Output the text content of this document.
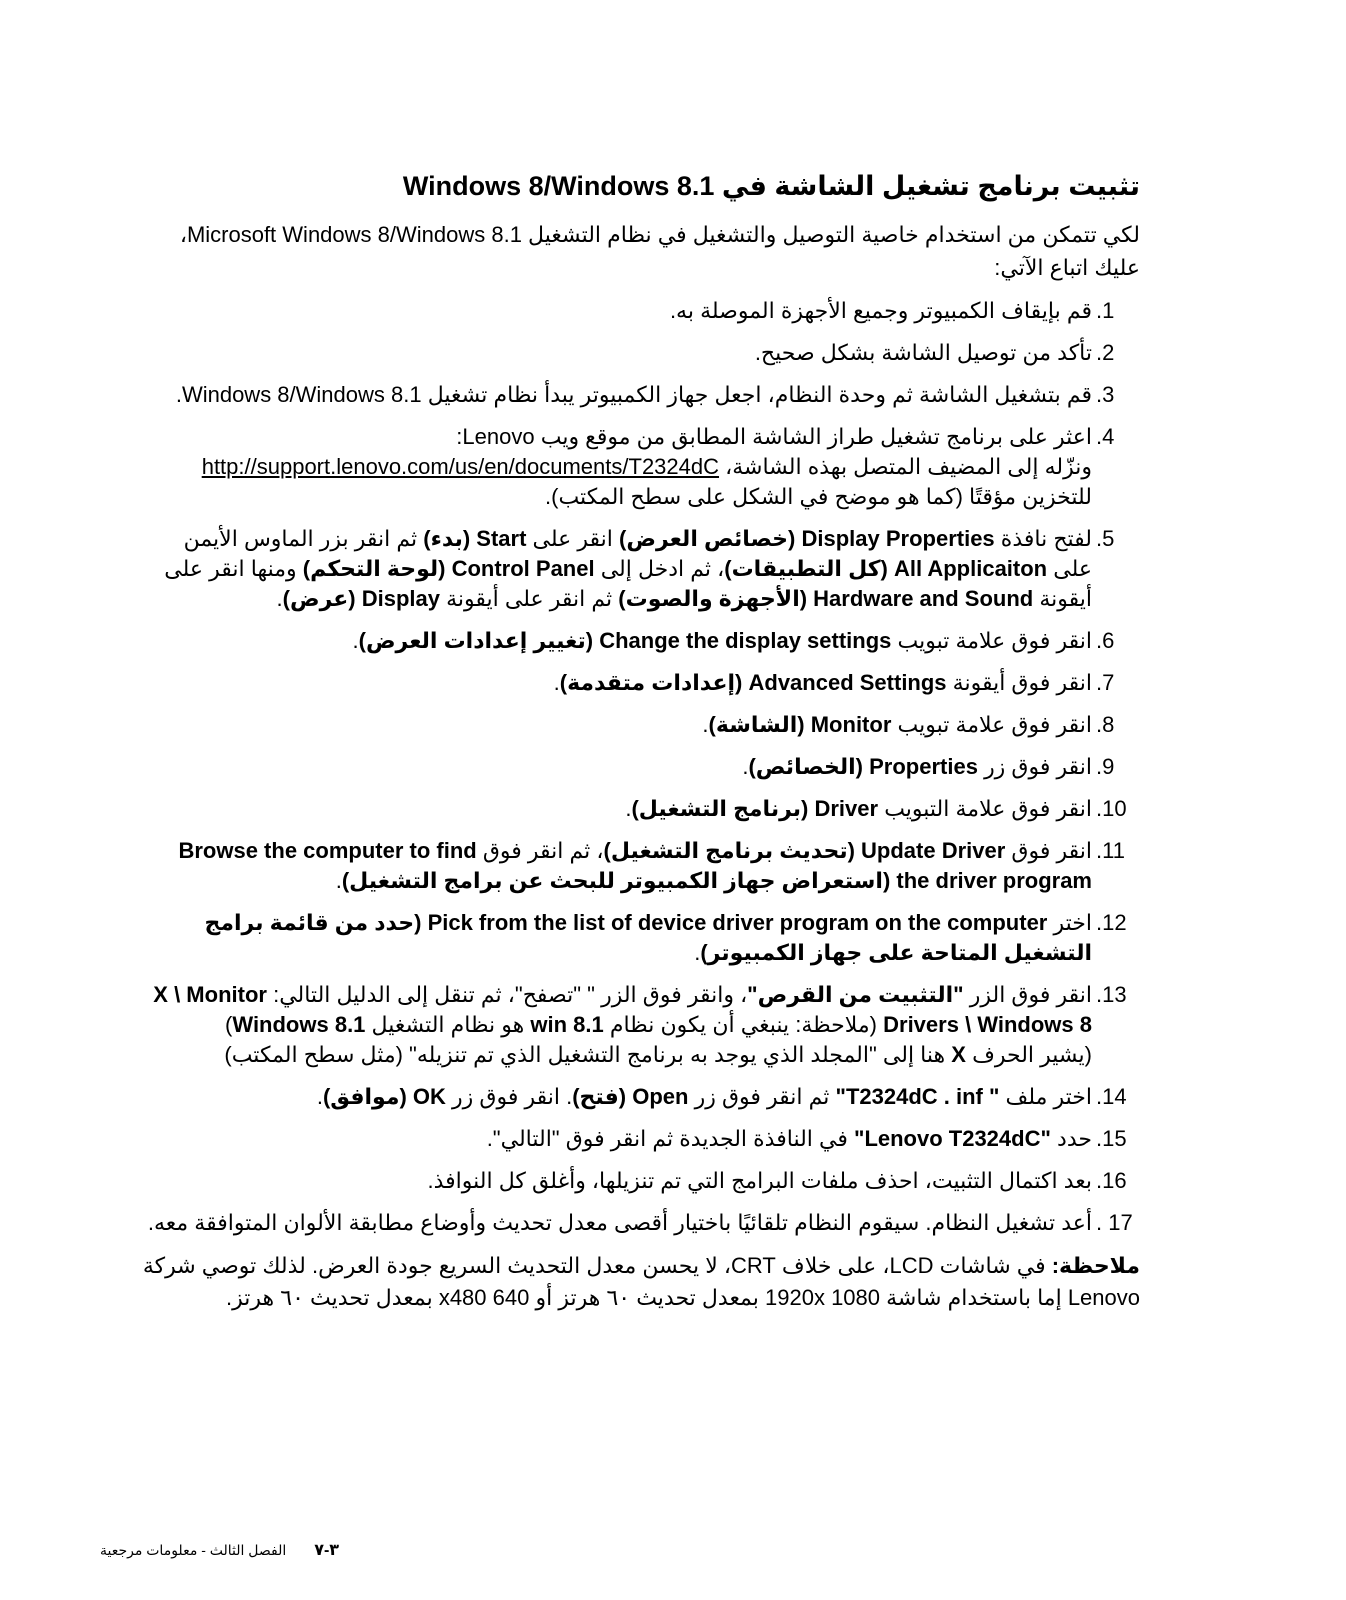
تثبيت برنامج تشغيل الشاشة في Windows 8/Windows 8.1

لكي تتمكن من استخدام خاصية التوصيل والتشغيل في نظام التشغيل Microsoft Windows 8/Windows 8.1، عليك اتباع الآتي:

.1
قم بإيقاف الكمبيوتر وجميع الأجهزة الموصلة به.
.2
تأكد من توصيل الشاشة بشكل صحيح.
.3
قم بتشغيل الشاشة ثم وحدة النظام، اجعل جهاز الكمبيوتر يبدأ نظام تشغيل Windows 8/Windows 8.1.
.4
اعثر على برنامج تشغيل طراز الشاشة المطابق من موقع ويب Lenovo:
ونزّله إلى المضيف المتصل بهذه الشاشة، http://support.lenovo.com/us/en/documents/T2324dC
للتخزين مؤقتًا (كما هو موضح في الشكل على سطح المكتب).
.5
لفتح نافذة Display Properties (خصائص العرض) انقر على Start (بدء) ثم انقر بزر الماوس الأيمن على All Applicaiton (كل التطبيقات)، ثم ادخل إلى Control Panel (لوحة التحكم) ومنها انقر على أيقونة Hardware and Sound (الأجهزة والصوت) ثم انقر على أيقونة Display (عرض).
.6
انقر فوق علامة تبويب Change the display settings (تغيير إعدادات العرض).
.7
انقر فوق أيقونة Advanced Settings (إعدادات متقدمة).
.8
انقر فوق علامة تبويب Monitor (الشاشة).
.9
انقر فوق زر Properties (الخصائص).
.10
انقر فوق علامة التبويب Driver (برنامج التشغيل).
.11
انقر فوق Update Driver (تحديث برنامج التشغيل)، ثم انقر فوق Browse the computer to find the driver program (استعراض جهاز الكمبيوتر للبحث عن برامج التشغيل).
.12
اختر Pick from the list of device driver program on the computer (حدد من قائمة برامج التشغيل المتاحة على جهاز الكمبيوتر).
.13
انقر فوق الزر "التثبيت من القرص"، وانقر فوق الزر " "تصفح"، ثم تنقل إلى الدليل التالي: X \ Monitor Drivers \ Windows 8 (ملاحظة: ينبغي أن يكون نظام win 8.1 هو نظام التشغيل Windows 8.1)
(يشير الحرف X هنا إلى "المجلد الذي يوجد به برنامج التشغيل الذي تم تنزيله" (مثل سطح المكتب)
.14
اختر ملف " T2324dC . inf" ثم انقر فوق زر Open (فتح). انقر فوق زر OK (موافق).
.15
حدد "Lenovo T2324dC" في النافذة الجديدة ثم انقر فوق "التالي".
.16
بعد اكتمال التثبيت، احذف ملفات البرامج التي تم تنزيلها، وأغلق كل النوافذ.
. 17
أعد تشغيل النظام. سيقوم النظام تلقائيًا باختيار أقصى معدل تحديث وأوضاع مطابقة الألوان المتوافقة معه.

ملاحظة: في شاشات LCD، على خلاف CRT، لا يحسن معدل التحديث السريع جودة العرض. لذلك توصي شركة Lenovo إما باستخدام شاشة 1920x 1080 بمعدل تحديث ٦٠ هرتز أو 640 x480 بمعدل تحديث ٦٠ هرتز.

٣-٧ الفصل الثالث - معلومات مرجعية
